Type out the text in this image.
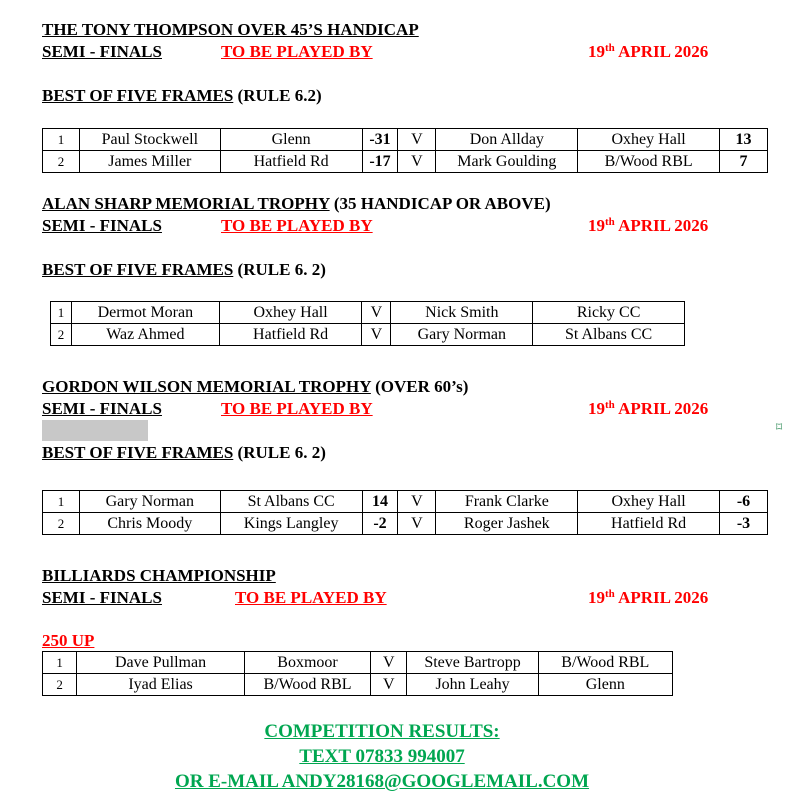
THE TONY THOMPSON OVER 45’S HANDICAP
SEMI - FINALS	TO BE PLAYED BY	19th APRIL 2026
BEST OF FIVE FRAMES (RULE 6.2)
1	Paul Stockwell	Glenn	-31	V	Don Allday	Oxhey Hall	13
2	James Miller	Hatfield Rd	-17	V	Mark Goulding	B/Wood RBL	7
ALAN SHARP MEMORIAL TROPHY (35 HANDICAP OR ABOVE)
SEMI - FINALS	TO BE PLAYED BY	19th APRIL 2026
BEST OF FIVE FRAMES (RULE 6. 2)
1	Dermot Moran	Oxhey Hall	V	Nick Smith	Ricky CC
2	Waz Ahmed	Hatfield Rd	V	Gary Norman	St Albans CC
GORDON WILSON MEMORIAL TROPHY (OVER 60’s)
SEMI - FINALS	TO BE PLAYED BY	19th APRIL 2026
⌑
BEST OF FIVE FRAMES (RULE 6. 2)
1	Gary Norman	St Albans CC	14	V	Frank Clarke	Oxhey Hall	-6
2	Chris Moody	Kings Langley	-2	V	Roger Jashek	Hatfield Rd	-3
BILLIARDS CHAMPIONSHIP
SEMI - FINALS	TO BE PLAYED BY	19th APRIL 2026
250 UP
1	Dave Pullman	Boxmoor	V	Steve Bartropp	B/Wood RBL
2	Iyad Elias	B/Wood RBL	V	John Leahy	Glenn
COMPETITION RESULTS:
TEXT 07833 994007
OR E-MAIL ANDY28168@GOOGLEMAIL.COM
